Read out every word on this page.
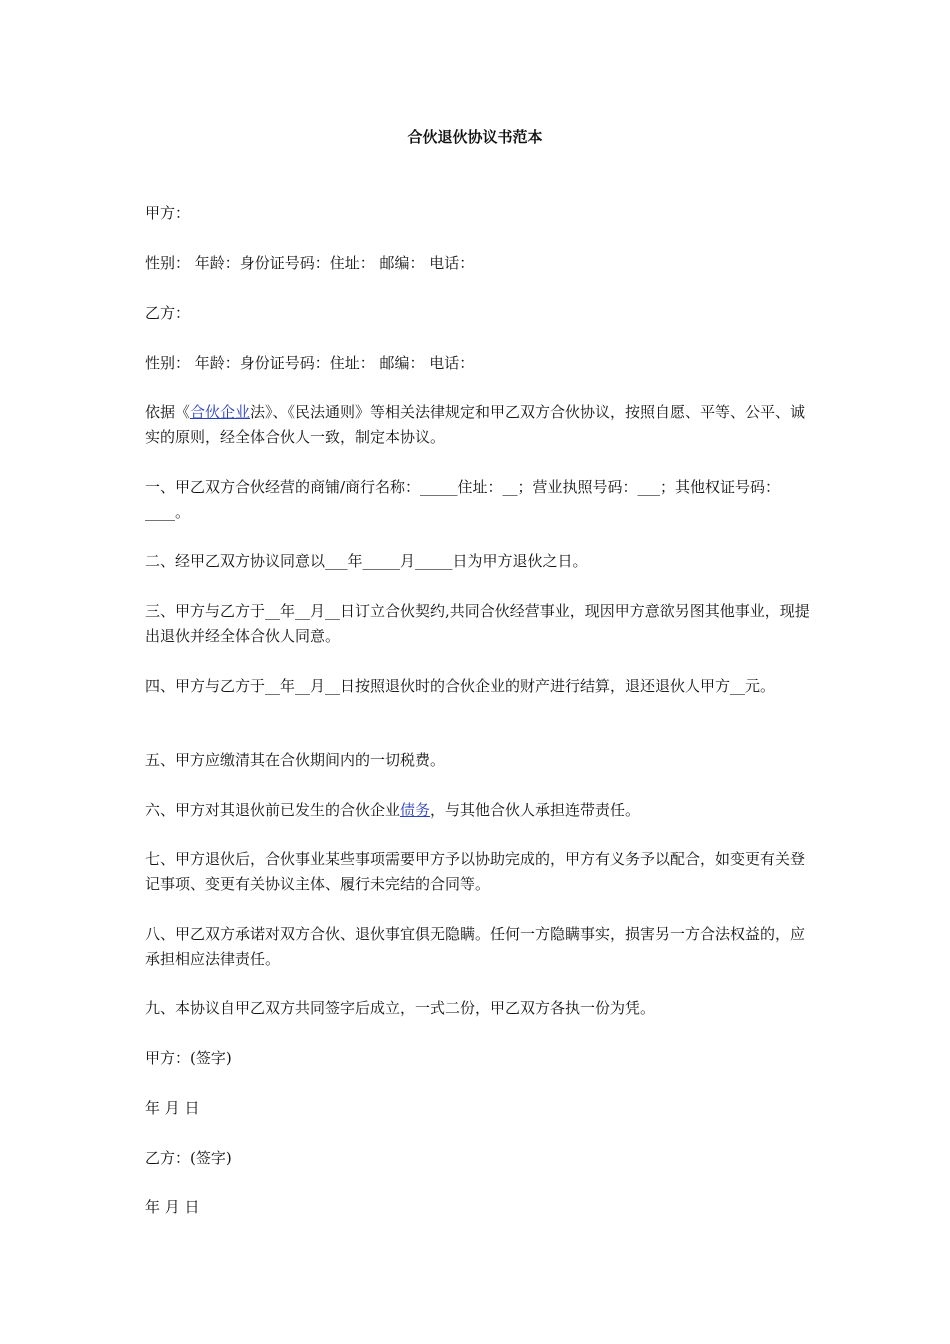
合伙退伙协议书范本

甲方：

性别： 年龄：身份证号码：住址： 邮编： 电话：

乙方：

性别： 年龄：身份证号码：住址： 邮编： 电话：

依据《合伙企业法》、《民法通则》等相关法律规定和甲乙双方合伙协议，按照自愿、平等、公平、诚实的原则，经全体合伙人一致，制定本协议。

一、甲乙双方合伙经营的商铺/商行名称：_____住址：__；营业执照号码：___；其他权证号码：____。

二、经甲乙双方协议同意以___年_____月_____日为甲方退伙之日。

三、甲方与乙方于__年__月__日订立合伙契约,共同合伙经营事业，现因甲方意欲另图其他事业，现提出退伙并经全体合伙人同意。

四、甲方与乙方于__年__月__日按照退伙时的合伙企业的财产进行结算，退还退伙人甲方__元。

五、甲方应缴清其在合伙期间内的一切税费。

六、甲方对其退伙前已发生的合伙企业债务，与其他合伙人承担连带责任。

七、甲方退伙后，合伙事业某些事项需要甲方予以协助完成的，甲方有义务予以配合，如变更有关登记事项、变更有关协议主体、履行未完结的合同等。

八、甲乙双方承诺对双方合伙、退伙事宜俱无隐瞒。任何一方隐瞒事实，损害另一方合法权益的，应承担相应法律责任。

九、本协议自甲乙双方共同签字后成立，一式二份，甲乙双方各执一份为凭。

甲方：(签字)

年 月 日

乙方：(签字)

年 月 日
